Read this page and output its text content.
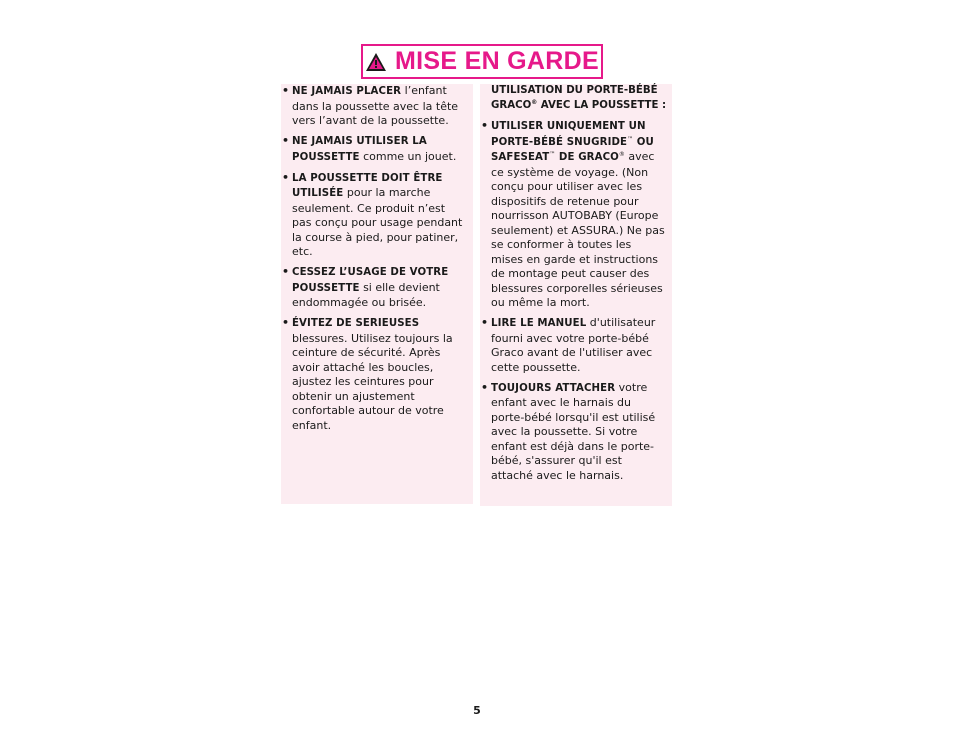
MISE EN GARDE
• NE JAMAIS PLACER l’enfant dans la poussette avec la tête vers l’avant de la poussette.
• NE JAMAIS UTILISER LA POUSSETTE comme un jouet.
• LA POUSSETTE DOIT ÊTRE UTILISÉE pour la marche seulement. Ce produit n’est pas conçu pour usage pendant la course à pied, pour patiner, etc.
• CESSEZ L’USAGE DE VOTRE POUSSETTE si elle devient endommagée ou brisée.
• ÉVITEZ DE SERIEUSES blessures. Utilisez toujours la ceinture de sécurité. Après avoir attaché les boucles, ajustez les ceintures pour obtenir un ajustement confortable autour de votre enfant.
UTILISATION DU PORTE-BÉBÉ GRACO® AVEC LA POUSSETTE :
• UTILISER UNIQUEMENT UN PORTE-BÉBÉ SNUGRIDE™ OU SAFESEAT™ DE GRACO® avec ce système de voyage. (Non conçu pour utiliser avec les dispositifs de retenue pour nourrisson AUTOBABY (Europe seulement) et ASSURA.) Ne pas se conformer à toutes les mises en garde et instructions de montage peut causer des blessures corporelles sérieuses ou même la mort.
• LIRE LE MANUEL d'utilisateur fourni avec votre porte-bébé Graco avant de l'utiliser avec cette poussette.
• TOUJOURS ATTACHER votre enfant avec le harnais du porte-bébé lorsqu'il est utilisé avec la poussette. Si votre enfant est déjà dans le porte-bébé, s'assurer qu'il est attaché avec le harnais.
5
